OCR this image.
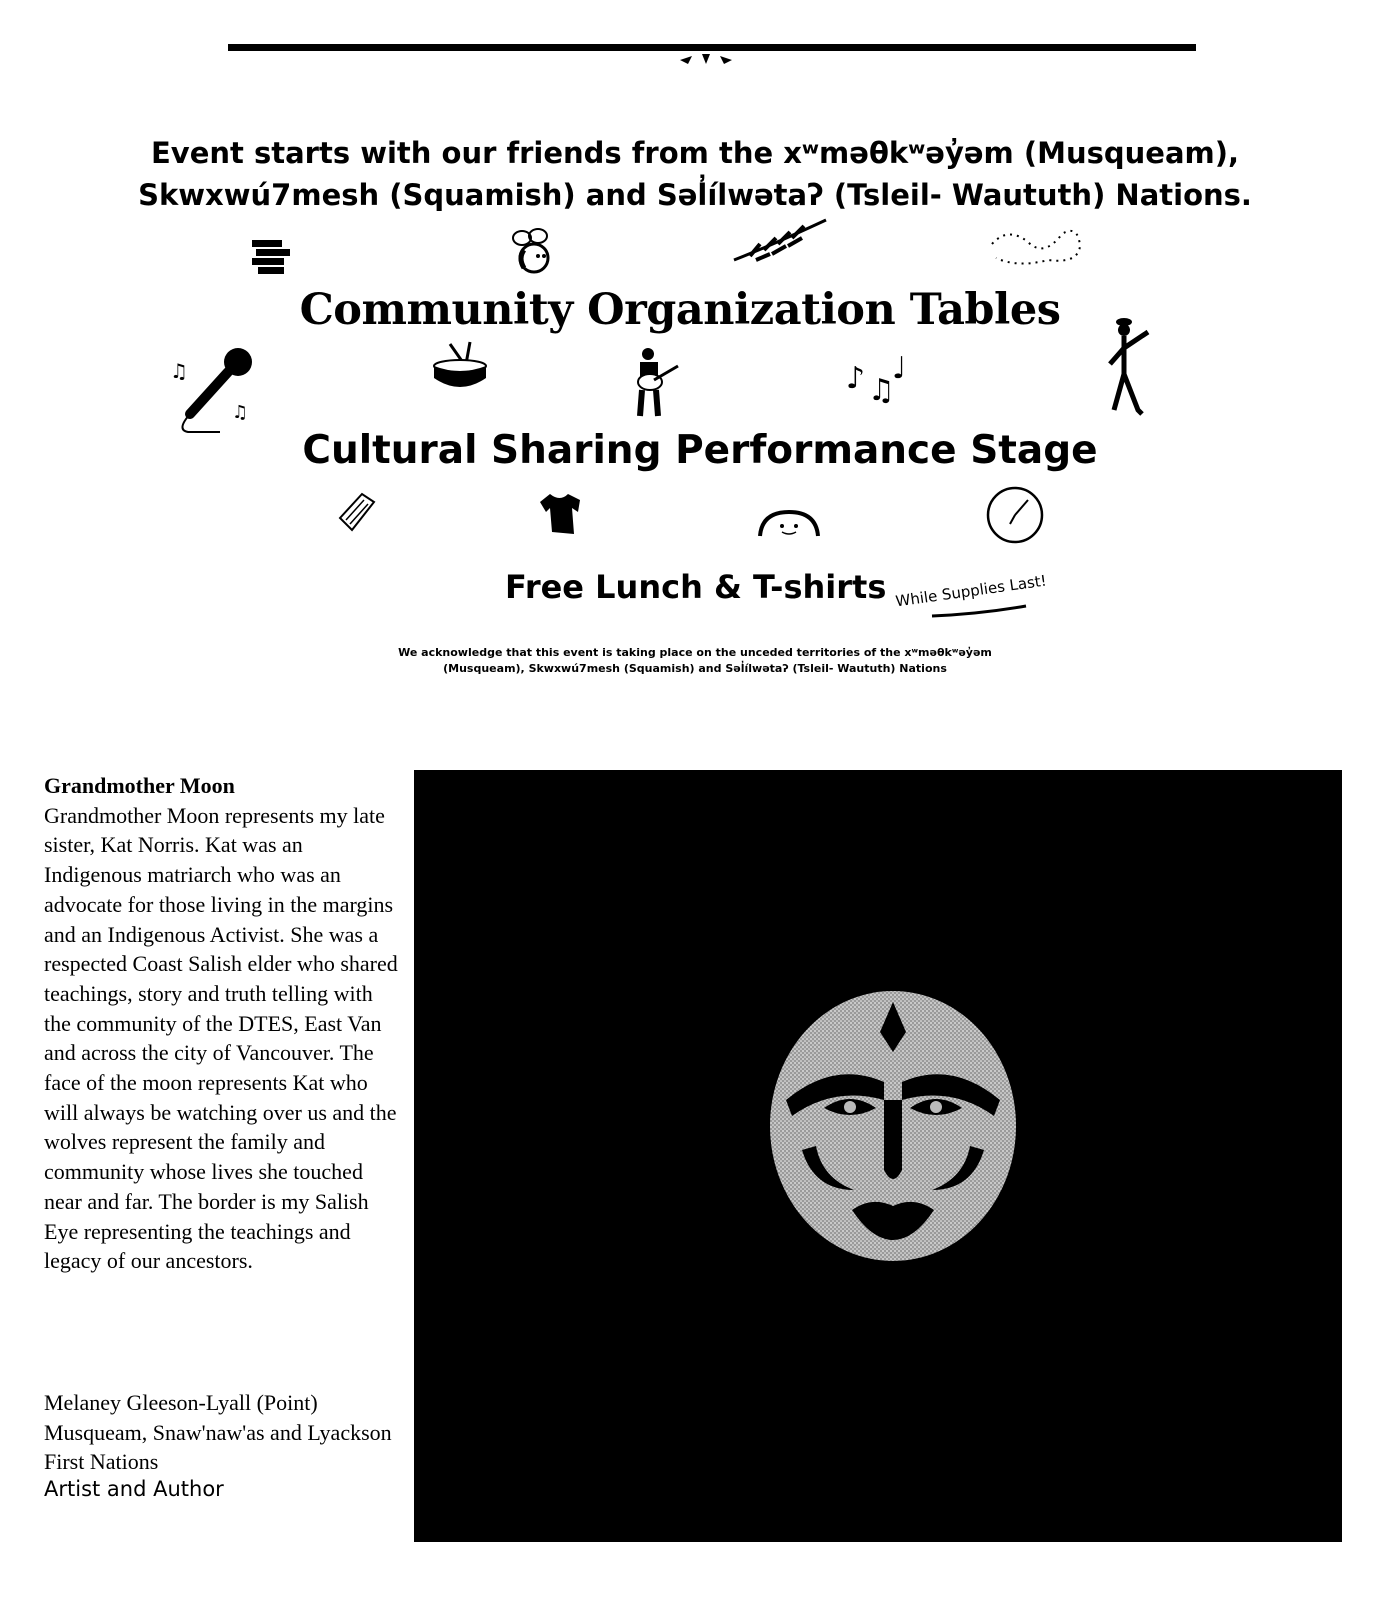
Event starts with our friends from the xʷməθkʷəy̓əm (Musqueam),
Skwxwú7mesh (Squamish) and Səl̓ílwətaʔ (Tsleil- Waututh) Nations.
Community Organization Tables
♫
♫
♪ ♫
♩
Cultural Sharing Performance Stage
Free Lunch & T-shirts While Supplies Last!
We acknowledge that this event is taking place on the unceded territories of the xʷməθkʷəy̓əm
(Musqueam), Skwxwú7mesh (Squamish) and Səl̓ílwətaʔ (Tsleil- Waututh) Nations
Grandmother Moon
Grandmother Moon represents my late sister, Kat Norris. Kat was an Indigenous matriarch who was an advocate for those living in the margins and an Indigenous Activist. She was a respected Coast Salish elder who shared teachings, story and truth telling with the community of the DTES, East Van and across the city of Vancouver. The face of the moon represents Kat who will always be watching over us and the wolves represent the family and community whose lives she touched near and far. The border is my Salish Eye representing the teachings and legacy of our ancestors.
Melaney Gleeson-Lyall (Point)
Musqueam, Snaw'naw'as and Lyackson First Nations
Artist and Author
